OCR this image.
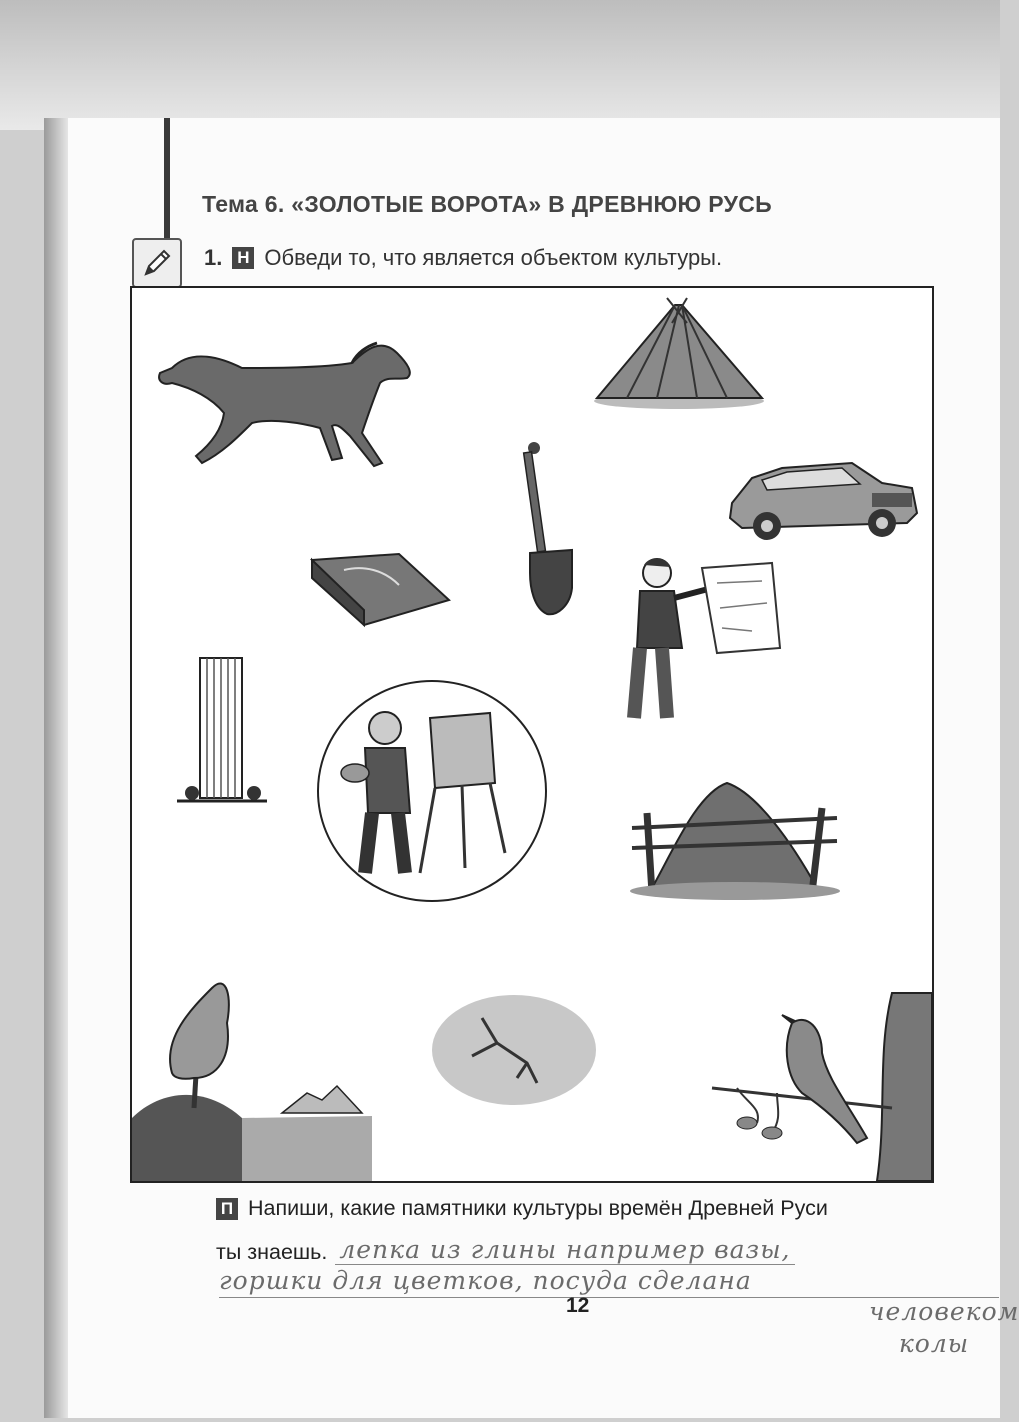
Тема 6. «ЗОЛОТЫЕ ВОРОТА» В ДРЕВНЮЮ РУСЬ
1. Н Обведи то, что является объектом культуры.
П Напиши, какие памятники культуры времён Древней Руси
ты знаешь. лепка из глины например вазы,
горшки для цветков, посуда сделана
12	человеком
колы
